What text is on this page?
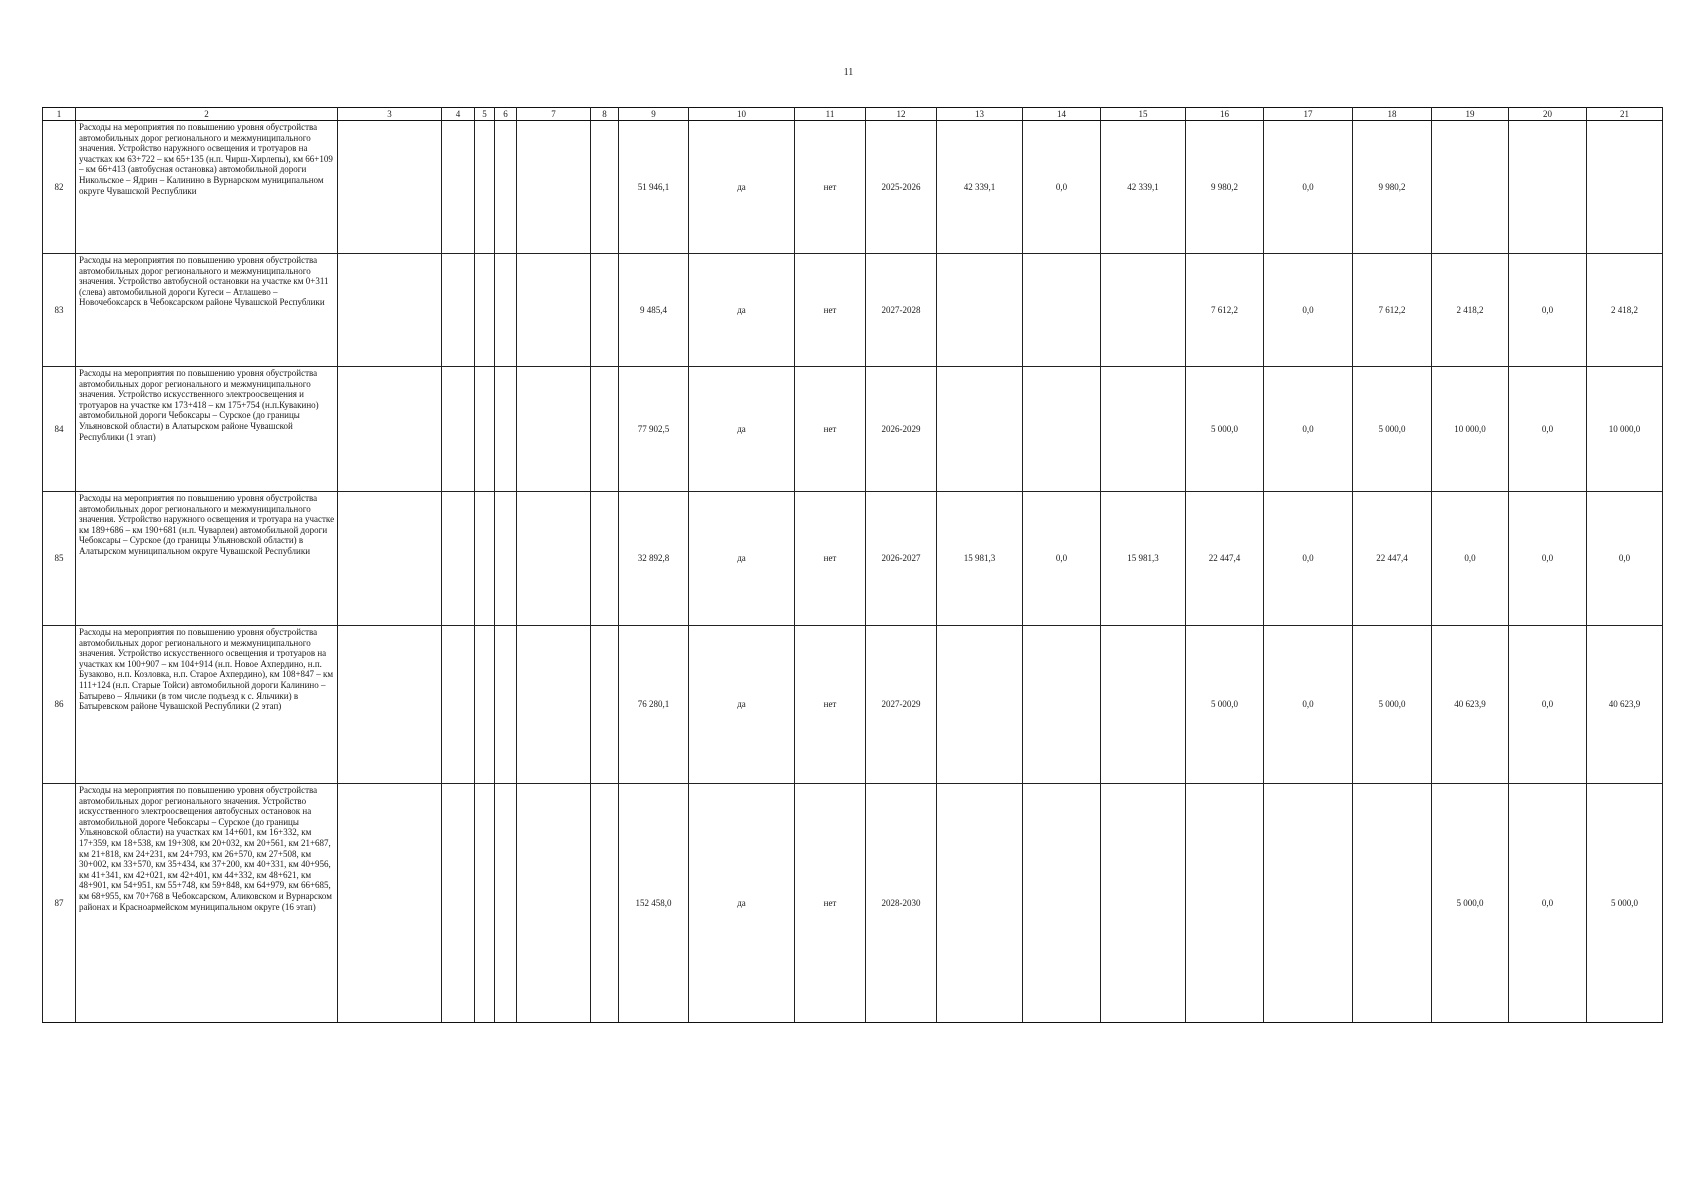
11
1	2	3	4	5	6	7	8	9	10	11	12	13	14	15	16	17	18	19	20	21
82	Расходы на мероприятия по повышению уровня обустройства автомобильных дорог регионального и межмуниципального значения. Устройство наружного освещения и тротуаров на участках км 63+722 – км 65+135 (н.п. Чирш-Хирлепы), км 66+109 – км 66+413 (автобусная остановка) автомобильной дороги Никольское – Ядрин – Калинино в Вурнарском муниципальном округе Чувашской Республики							51 946,1	да	нет	2025-2026	42 339,1	0,0	42 339,1	9 980,2	0,0	9 980,2			
83	Расходы на мероприятия по повышению уровня обустройства автомобильных дорог регионального и межмуниципального значения. Устройство автобусной остановки на участке км 0+311 (слева) автомобильной дороги Кугеси – Атлашево – Новочебоксарск в Чебоксарском районе Чувашской Республики							9 485,4	да	нет	2027-2028				7 612,2	0,0	7 612,2	2 418,2	0,0	2 418,2
84	Расходы на мероприятия по повышению уровня обустройства автомобильных дорог регионального и межмуниципального значения. Устройство искусственного электроосвещения и тротуаров на участке км 173+418 – км 175+754 (н.п.Кувакино) автомобильной дороги Чебоксары – Сурское (до границы Ульяновской области) в Алатырском районе Чувашской Республики (1 этап)							77 902,5	да	нет	2026-2029				5 000,0	0,0	5 000,0	10 000,0	0,0	10 000,0
85	Расходы на мероприятия по повышению уровня обустройства автомобильных дорог регионального и межмуниципального значения. Устройство наружного освещения и тротуара на участке км 189+686 – км 190+681 (н.п. Чуварлеи) автомобильной дороги Чебоксары – Сурское (до границы Ульяновской области) в Алатырском муниципальном округе Чувашской Республики							32 892,8	да	нет	2026-2027	15 981,3	0,0	15 981,3	22 447,4	0,0	22 447,4	0,0	0,0	0,0
86	Расходы на мероприятия по повышению уровня обустройства автомобильных дорог регионального и межмуниципального значения. Устройство искусственного освещения и тротуаров на участках км 100+907 – км 104+914 (н.п. Новое Ахпердино, н.п. Бузаково, н.п. Козловка, н.п. Старое Ахпердино), км 108+847 – км 111+124 (н.п. Старые Тойси) автомобильной дороги Калинино – Батырево – Яльчики (в том числе подъезд к с. Яльчики) в Батыревском районе Чувашской Республики (2 этап)							76 280,1	да	нет	2027-2029				5 000,0	0,0	5 000,0	40 623,9	0,0	40 623,9
87	Расходы на мероприятия по повышению уровня обустройства автомобильных дорог регионального значения. Устройство искусственного электроосвещения автобусных остановок на автомобильной дороге Чебоксары – Сурское (до границы Ульяновской области) на участках км 14+601, км 16+332, км 17+359, км 18+538, км 19+308, км 20+032, км 20+561, км 21+687, км 21+818, км 24+231, км 24+793, км 26+570, км 27+508, км 30+002, км 33+570, км 35+434, км 37+200, км 40+331, км 40+956, км 41+341, км 42+021, км 42+401, км 44+332, км 48+621, км 48+901, км 54+951, км 55+748, км 59+848, км 64+979, км 66+685, км 68+955, км 70+768 в Чебоксарском, Аликовском и Вурнарском районах и Красноармейском муниципальном округе (16 этап)							152 458,0	да	нет	2028-2030							5 000,0	0,0	5 000,0
